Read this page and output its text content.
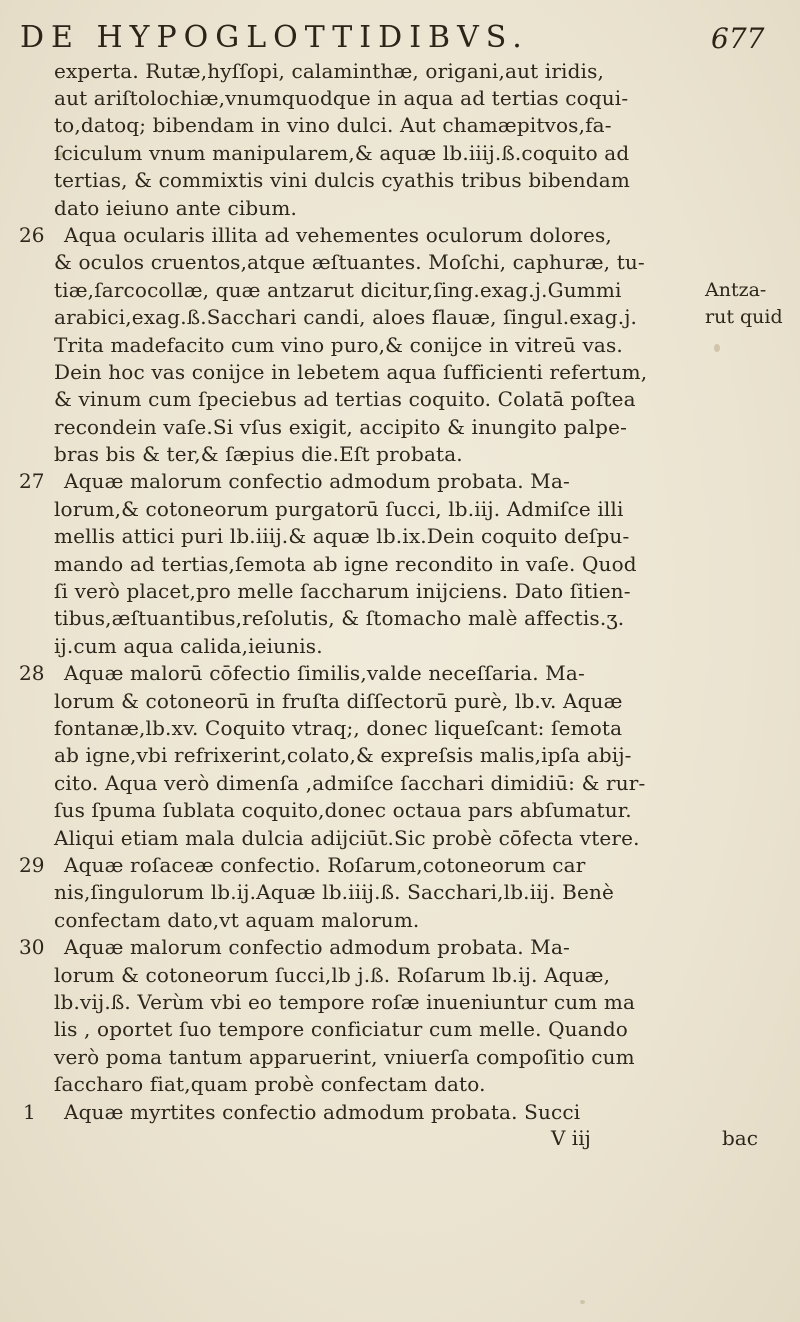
DE HYPOGLOTTIDIBVS.	677
experta. Rutæ,hyſſopi, calaminthæ, origani,aut iridis,
aut ariſtolochiæ,vnumquodque in aqua ad tertias coqui-
to,datoq; bibendam in vino dulci. Aut chamæpitvos,fa-
ſciculum vnum manipularem,& aquæ lb.iiij.ß.coquito ad
tertias, & commixtis vini dulcis cyathis tribus bibendam
dato ieiuno ante cibum.
26 Aqua ocularis illita ad vehementes oculorum dolores,
& oculos cruentos,atque æſtuantes. Moſchi, caphuræ, tu-
tiæ,ſarcocollæ, quæ antzarut dicitur,ſing.exag.j.Gummi	Antza-
arabici,exag.ß.Sacchari candi, aloes flauæ, ſingul.exag.j.	rut quid
Trita madefacito cum vino puro,& conijce in vitreū vas.
Dein hoc vas conijce in lebetem aqua ſufficienti refertum,
& vinum cum ſpeciebus ad tertias coquito. Colatā poſtea
recondein vaſe.Si vſus exigit, accipito & inungito palpe-
bras bis & ter,& ſæpius die.Eſt probata.
27 Aquæ malorum confectio admodum probata. Ma-
lorum,& cotoneorum purgatorū ſucci, lb.iij. Admiſce illi
mellis attici puri lb.iiij.& aquæ lb.ix.Dein coquito deſpu-
mando ad tertias,ſemota ab igne recondito in vaſe. Quod
ſi verò placet,pro melle ſaccharum inijciens. Dato ſitien-
tibus,æſtuantibus,reſolutis, & ſtomacho malè affectis.ʒ.
ij.cum aqua calida,ieiunis.
28 Aquæ malorū cōfectio ſimilis,valde neceſſaria. Ma-
lorum & cotoneorū in fruſta diſſectorū purè, lb.v. Aquæ
fontanæ,lb.xv. Coquito vtraq;, donec liqueſcant: ſemota
ab igne,vbi refrixerint,colato,& expreſsis malis,ipſa abij-
cito. Aqua verò dimenſa ,admiſce ſacchari dimidiū: & rur-
ſus ſpuma ſublata coquito,donec octaua pars abſumatur.
Aliqui etiam mala dulcia adijciūt.Sic probè cōfecta vtere.
29 Aquæ roſaceæ confectio. Roſarum,cotoneorum car
nis,ſingulorum lb.ij.Aquæ lb.iiij.ß. Sacchari,lb.iij. Benè
confectam dato,vt aquam malorum.
30 Aquæ malorum confectio admodum probata. Ma-
lorum & cotoneorum ſucci,lb j.ß. Roſarum lb.ij. Aquæ,
lb.vij.ß. Verùm vbi eo tempore roſæ inueniuntur cum ma
lis , oportet ſuo tempore conficiatur cum melle. Quando
verò poma tantum apparuerint, vniuerſa compoſitio cum
ſaccharo fiat,quam probè confectam dato.
1 Aquæ myrtites confectio admodum probata. Succi
V iij	bac
